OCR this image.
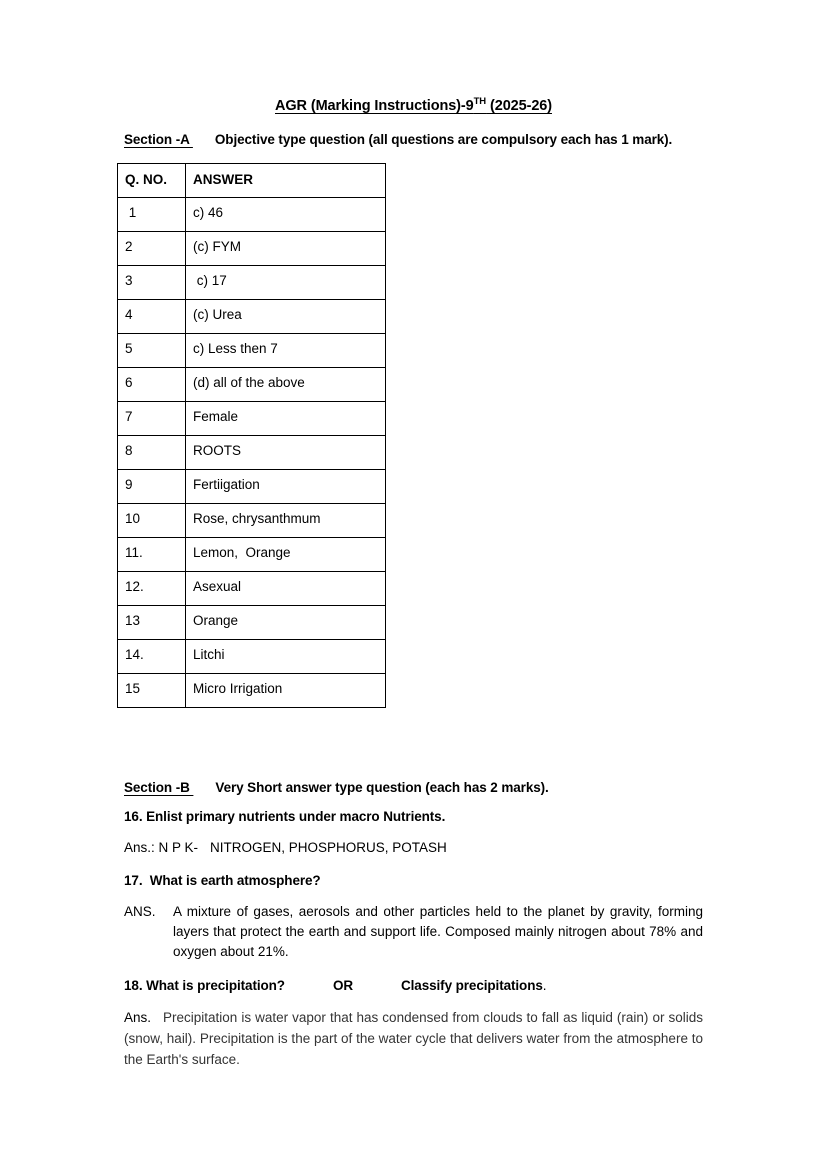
AGR (Marking Instructions)-9TH (2025-26)
Section -A Objective type question (all questions are compulsory each has 1 mark).
Q. NO.	ANSWER

1	c) 46

2	(c) FYM

3	c) 17

4	(c) Urea

5	c) Less then 7

6	(d) all of the above

7	Female

8	ROOTS

9	Fertiigation

10	Rose, chrysanthmum

11.	Lemon,  Orange

12.	Asexual

13	Orange

14.	Litchi

15	Micro Irrigation
Section -B Very Short answer type question (each has 2 marks).
16. Enlist primary nutrients under macro Nutrients.
Ans.: N P K- NITROGEN, PHOSPHORUS, POTASH
17.  What is earth atmosphere?
ANS. A mixture of gases, aerosols and other particles held to the planet by gravity, forming layers that protect the earth and support life. Composed mainly nitrogen about 78% and oxygen about 21%.
18. What is precipitation?	OR	Classify precipitations.
Ans. Precipitation is water vapor that has condensed from clouds to fall as liquid (rain) or solids (snow, hail). Precipitation is the part of the water cycle that delivers water from the atmosphere to the Earth's surface.
